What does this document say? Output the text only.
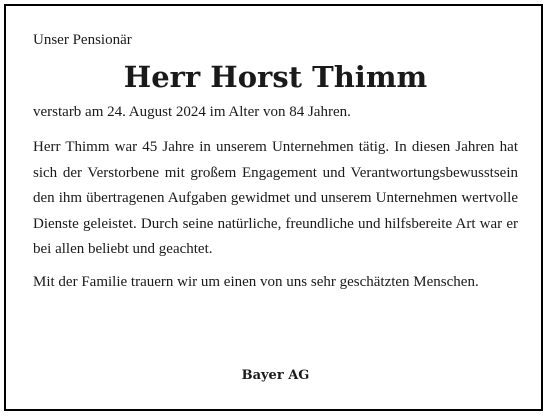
Unser Pensionär

Herr Horst Thimm

verstarb am 24. August 2024 im Alter von 84 Jahren.

Herr Thimm war 45 Jahre in unserem Unternehmen tätig. In diesen Jahren hat sich der Verstorbene mit großem Engagement und Verantwortungsbewusstsein den ihm übertragenen Aufgaben gewidmet und unserem Unternehmen wertvolle Dienste geleistet. Durch seine natürliche, freundliche und hilfsbereite Art war er bei allen beliebt und geachtet.

Mit der Familie trauern wir um einen von uns sehr geschätzten Menschen.

Bayer AG
